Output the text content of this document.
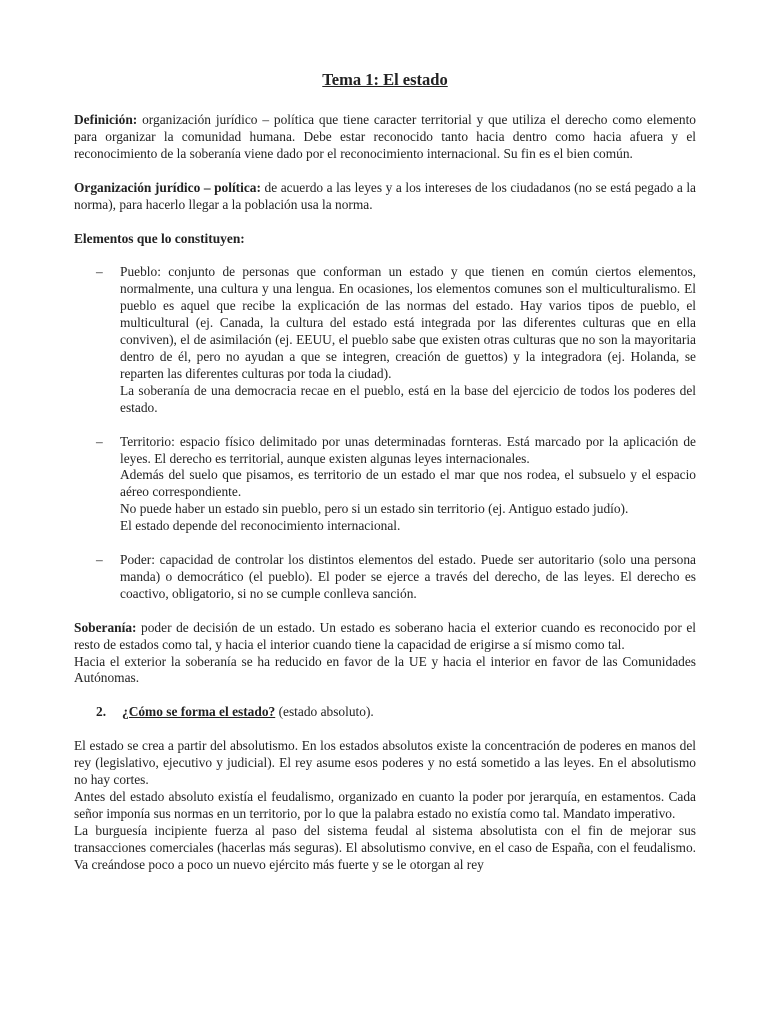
Tema 1: El estado

Definición: organización jurídico – política que tiene caracter territorial y que utiliza el derecho como elemento para organizar la comunidad humana. Debe estar reconocido tanto hacia dentro como hacia afuera y el reconocimiento de la soberanía viene dado por el reconocimiento internacional. Su fin es el bien común.

Organización jurídico – política: de acuerdo a las leyes y a los intereses de los ciudadanos (no se está pegado a la norma), para hacerlo llegar a la población usa la norma.

Elementos que lo constituyen:

– Pueblo: conjunto de personas que conforman un estado y que tienen en común ciertos elementos, normalmente, una cultura y una lengua. En ocasiones, los elementos comunes son el multiculturalismo. El pueblo es aquel que recibe la explicación de las normas del estado. Hay varios tipos de pueblo, el multicultural (ej. Canada, la cultura del estado está integrada por las diferentes culturas que en ella conviven), el de asimilación (ej. EEUU, el pueblo sabe que existen otras culturas que no son la mayoritaria dentro de él, pero no ayudan a que se integren, creación de guettos) y la integradora (ej. Holanda, se reparten las diferentes culturas por toda la ciudad).

La soberanía de una democracia recae en el pueblo, está en la base del ejercicio de todos los poderes del estado.

– Territorio: espacio físico delimitado por unas determinadas fornteras. Está marcado por la aplicación de leyes. El derecho es territorial, aunque existen algunas leyes internacionales.

Además del suelo que pisamos, es territorio de un estado el mar que nos rodea, el subsuelo y el espacio aéreo correspondiente.

No puede haber un estado sin pueblo, pero si un estado sin territorio (ej. Antiguo estado judío).

El estado depende del reconocimiento internacional.

– Poder: capacidad de controlar los distintos elementos del estado. Puede ser autoritario (solo una persona manda) o democrático (el pueblo). El poder se ejerce a través del derecho, de las leyes. El derecho es coactivo, obligatorio, si no se cumple conlleva sanción.

Soberanía: poder de decisión de un estado. Un estado es soberano hacia el exterior cuando es reconocido por el resto de estados como tal, y hacia el interior cuando tiene la capacidad de erigirse a sí mismo como tal.

Hacia el exterior la soberanía se ha reducido en favor de la UE y hacia el interior en favor de las Comunidades Autónomas.

2. ¿Cómo se forma el estado? (estado absoluto).

El estado se crea a partir del absolutismo. En los estados absolutos existe la concentración de poderes en manos del rey (legislativo, ejecutivo y judicial). El rey asume esos poderes y no está sometido a las leyes. En el absolutismo no hay cortes.

Antes del estado absoluto existía el feudalismo, organizado en cuanto la poder por jerarquía, en estamentos. Cada señor imponía sus normas en un territorio, por lo que la palabra estado no existía como tal. Mandato imperativo.

La burguesía incipiente fuerza al paso del sistema feudal al sistema absolutista con el fin de mejorar sus transacciones comerciales (hacerlas más seguras). El absolutismo convive, en el caso de España, con el feudalismo. Va creándose poco a poco un nuevo ejército más fuerte y se le otorgan al rey
